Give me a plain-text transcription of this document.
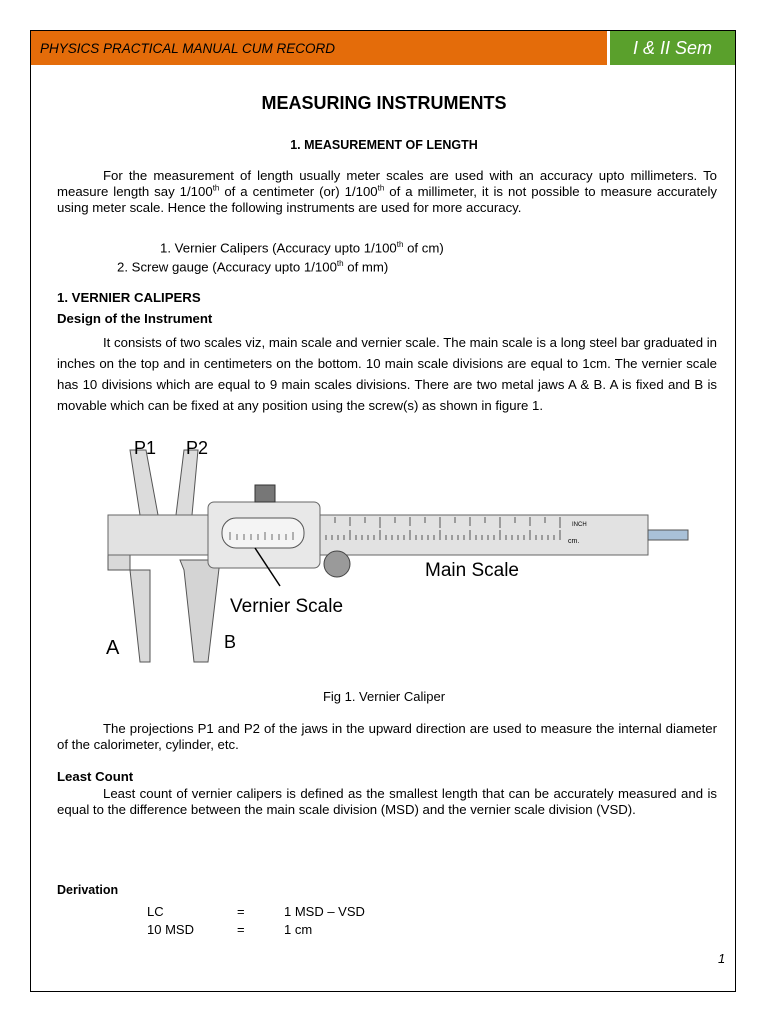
PHYSICS PRACTICAL MANUAL CUM RECORD	I & II Sem
MEASURING INSTRUMENTS
1. MEASUREMENT OF LENGTH
For the measurement of length usually meter scales are used with an accuracy upto millimeters. To measure length say 1/100th of a centimeter (or) 1/100th of a millimeter, it is not possible to measure accurately using meter scale. Hence the following instruments are used for more accuracy.
1. Vernier Calipers (Accuracy upto 1/100th of cm)
2. Screw gauge (Accuracy upto 1/100th of mm)
1. VERNIER CALIPERS
Design of the Instrument
It consists of two scales viz, main scale and vernier scale. The main scale is a long steel bar graduated in inches on the top and in centimeters on the bottom. 10 main scale divisions are equal to 1cm. The vernier scale has 10 divisions which are equal to 9 main scales divisions. There are two metal jaws A & B. A is fixed and B is movable which can be fixed at any position using the screw(s) as shown in figure 1.
INCH
cm.
P1 P2
A	B
Main Scale
Vernier Scale
Fig 1. Vernier Caliper
The projections P1 and P2 of the jaws in the upward direction are used to measure the internal diameter of the calorimeter, cylinder, etc.
Least Count
Least count of vernier calipers is defined as the smallest length that can be accurately measured and is equal to the difference between the main scale division (MSD) and the vernier scale division (VSD).
Derivation
LC	=	1 MSD – VSD
10 MSD	=	1 cm
1
